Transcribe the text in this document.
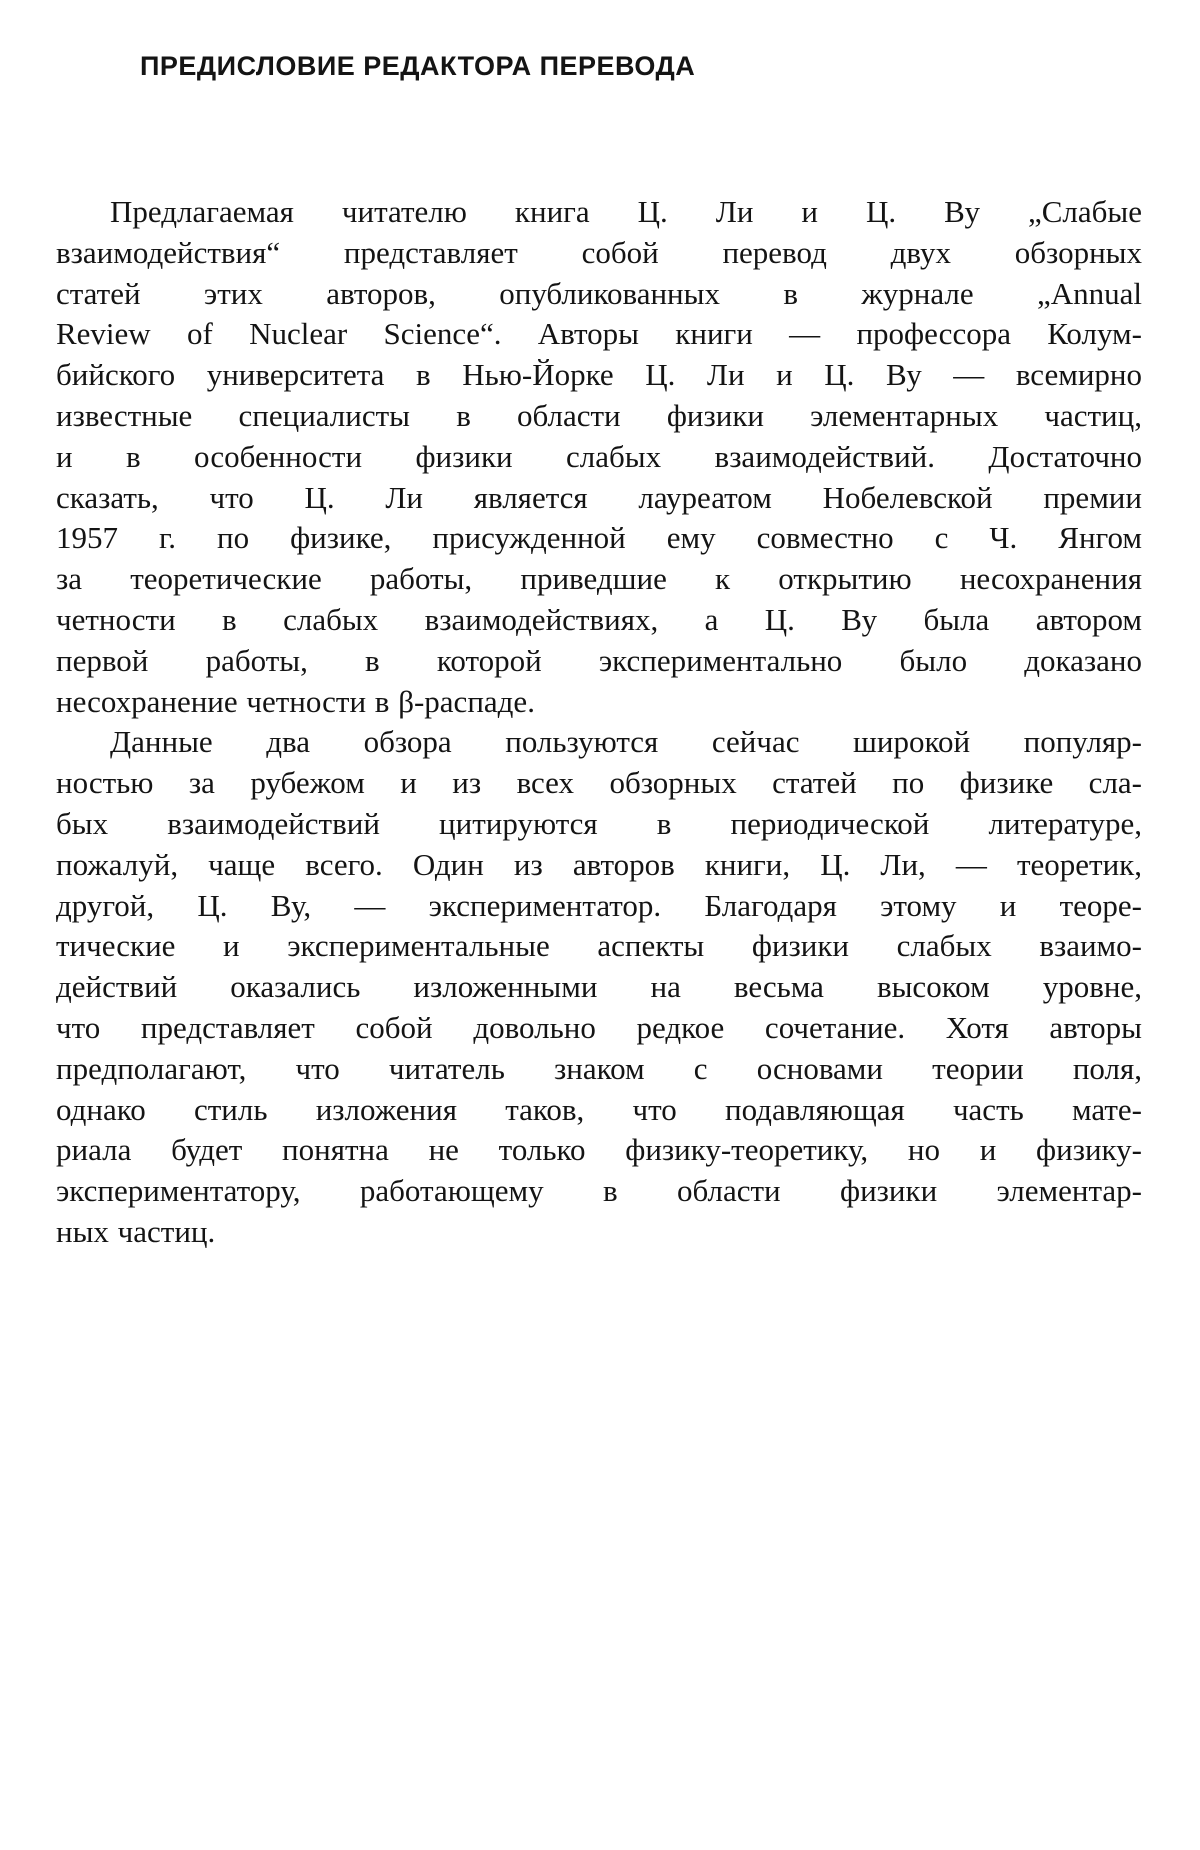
ПРЕДИСЛОВИЕ РЕДАКТОРА ПЕРЕВОДА
Предлагаемая читателю книга Ц. Ли и Ц. Ву „Слабые
взаимодействия“ представляет собой перевод двух обзорных
статей этих авторов, опубликованных в журнале „Annual
Review of Nuclear Science“. Авторы книги — профессора Колум-
бийского университета в Нью-Йорке Ц. Ли и Ц. Ву — всемирно
известные специалисты в области физики элементарных частиц,
и в особенности физики слабых взаимодействий. Достаточно
сказать, что Ц. Ли является лауреатом Нобелевской премии
1957 г. по физике, присужденной ему совместно с Ч. Янгом
за теоретические работы, приведшие к открытию несохранения
четности в слабых взаимодействиях, а Ц. Ву была автором
первой работы, в которой экспериментально было доказано
несохранение четности в β-распаде.
Данные два обзора пользуются сейчас широкой популяр-
ностью за рубежом и из всех обзорных статей по физике сла-
бых взаимодействий цитируются в периодической литературе,
пожалуй, чаще всего. Один из авторов книги, Ц. Ли, — теоретик,
другой, Ц. Ву, — экспериментатор. Благодаря этому и теоре-
тические и экспериментальные аспекты физики слабых взаимо-
действий оказались изложенными на весьма высоком уровне,
что представляет собой довольно редкое сочетание. Хотя авторы
предполагают, что читатель знаком с основами теории поля,
однако стиль изложения таков, что подавляющая часть мате-
риала будет понятна не только физику-теоретику, но и физику-
экспериментатору, работающему в области физики элементар-
ных частиц.
